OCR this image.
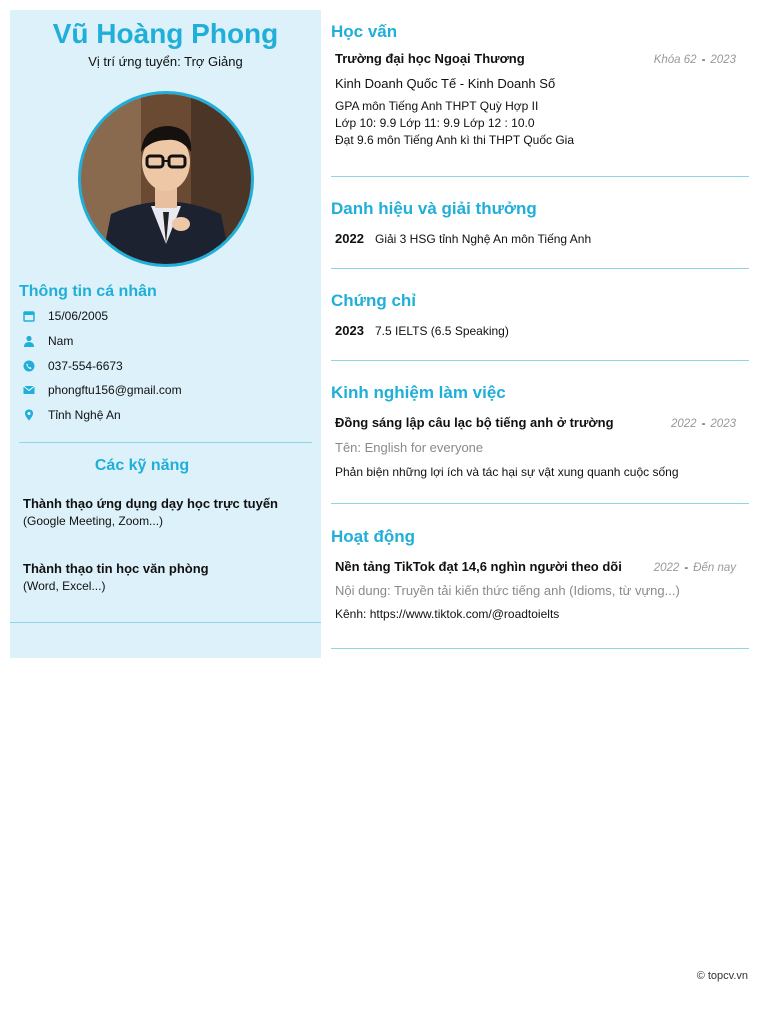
Vũ Hoàng Phong
Vị trí ứng tuyển: Trợ Giảng
Thông tin cá nhân
15/06/2005
Nam
037-554-6673
phongftu156@gmail.com
Tỉnh Nghệ An
Các kỹ năng
Thành thạo ứng dụng dạy học trực tuyến
(Google Meeting, Zoom...)
Thành thạo tin học văn phòng
(Word, Excel...)
Học vấn
Trường đại học Ngoại Thương	Khóa 62 - 2023
Kinh Doanh Quốc Tế - Kinh Doanh Số
GPA môn Tiếng Anh THPT Quỳ Hợp II
Lớp 10: 9.9 Lớp 11: 9.9 Lớp 12 : 10.0
Đạt 9.6 môn Tiếng Anh kì thi THPT Quốc Gia
Danh hiệu và giải thưởng
2022 Giải 3 HSG tỉnh Nghệ An môn Tiếng Anh
Chứng chỉ
2023 7.5 IELTS (6.5 Speaking)
Kinh nghiệm làm việc
Đồng sáng lập câu lạc bộ tiếng anh ở trường	2022 - 2023
Tên: English for everyone
Phản biện những lợi ích và tác hại sự vật xung quanh cuộc sống
Hoạt động
Nền tảng TikTok đạt 14,6 nghìn người theo dõi	2022 - Đến nay
Nội dung: Truyền tải kiến thức tiếng anh (Idioms, từ vựng...)
Kênh: https://www.tiktok.com/@roadtoielts
© topcv.vn
